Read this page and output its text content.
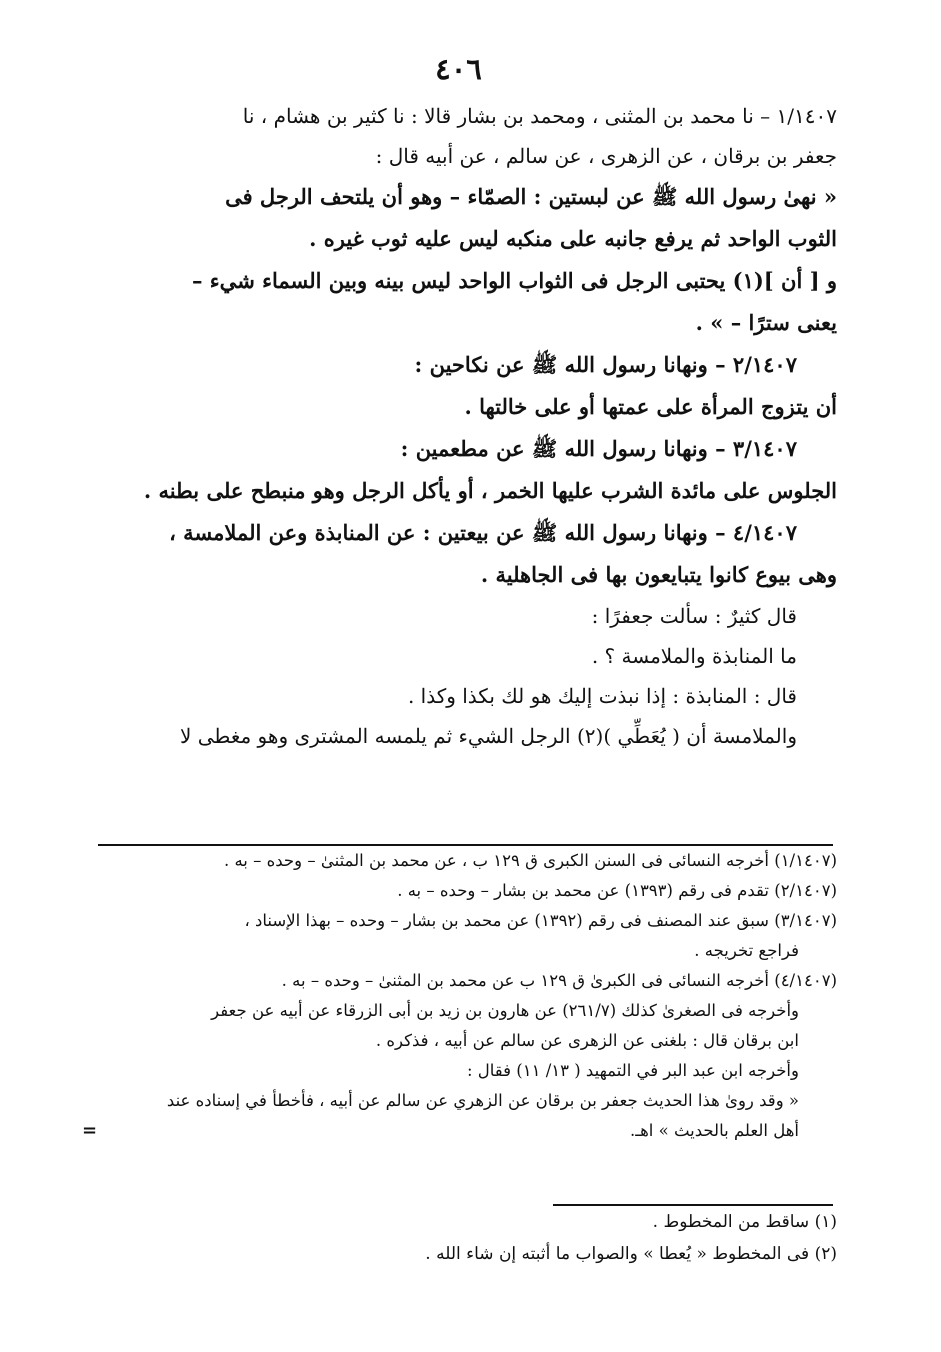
٤٠٦

١/١٤٠٧ – نا محمد بن المثنى ، ومحمد بن بشار قالا : نا كثير بن هشام ، نا

جعفر بن برقان ، عن الزهرى ، عن سالم ، عن أبيه قال :

« نهىٰ رسول الله ﷺ عن لبستين : الصمّاء – وهو أن يلتحف الرجل فى

الثوب الواحد ثم يرفع جانبه على منكبه ليس عليه ثوب غيره .

و [ أن ](١) يحتبى الرجل فى الثواب الواحد ليس بينه وبين السماء شيء –

يعنى سترًا – » .

٢/١٤٠٧ – ونهانا رسول الله ﷺ عن نكاحين :

أن يتزوج المرأة على عمتها أو على خالتها .

٣/١٤٠٧ – ونهانا رسول الله ﷺ عن مطعمين :

الجلوس على مائدة الشرب عليها الخمر ، أو يأكل الرجل وهو منبطح على بطنه .

٤/١٤٠٧ – ونهانا رسول الله ﷺ عن بيعتين : عن المنابذة وعن الملامسة ،

وهى بيوع كانوا يتبايعون بها فى الجاهلية .

قال كثيرٌ : سألت جعفرًا :

ما المنابذة والملامسة ؟ .

قال : المنابذة : إذا نبذت إليك هو لك بكذا وكذا .

والملامسة أن ( يُعَطِّي )(٢) الرجل الشيء ثم يلمسه المشترى وهو مغطى لا

(١/١٤٠٧) أخرجه النسائى فى السنن الكبرى ق ١٢٩ ب ، عن محمد بن المثنىٰ – وحده – به .

(٢/١٤٠٧) تقدم فى رقم (١٣٩٣) عن محمد بن بشار – وحده – به .

(٣/١٤٠٧) سبق عند المصنف فى رقم (١٣٩٢) عن محمد بن بشار – وحده – بهذا الإسناد ،

فراجع تخريجه .

(٤/١٤٠٧) أخرجه النسائى فى الكبرىٰ ق ١٢٩ ب عن محمد بن المثنىٰ – وحده – به .

وأخرجه فى الصغرىٰ كذلك (٢٦١/٧) عن هارون بن زيد بن أبى الزرقاء عن أبيه عن جعفر

ابن برقان قال : بلغنى عن الزهرى عن سالم عن أبيه ، فذكره .

وأخرجه ابن عبد البر في التمهيد ( ١٣/ ١١) فقال :

« وقد روىٰ هذا الحديث جعفر بن برقان عن الزهري عن سالم عن أبيه ، فأخطأ في إسناده عند

أهل العلم بالحديث » اهـ.
=

(١) ساقط من المخطوط .

(٢) فى المخطوط « يُعطا » والصواب ما أثبته إن شاء الله .
